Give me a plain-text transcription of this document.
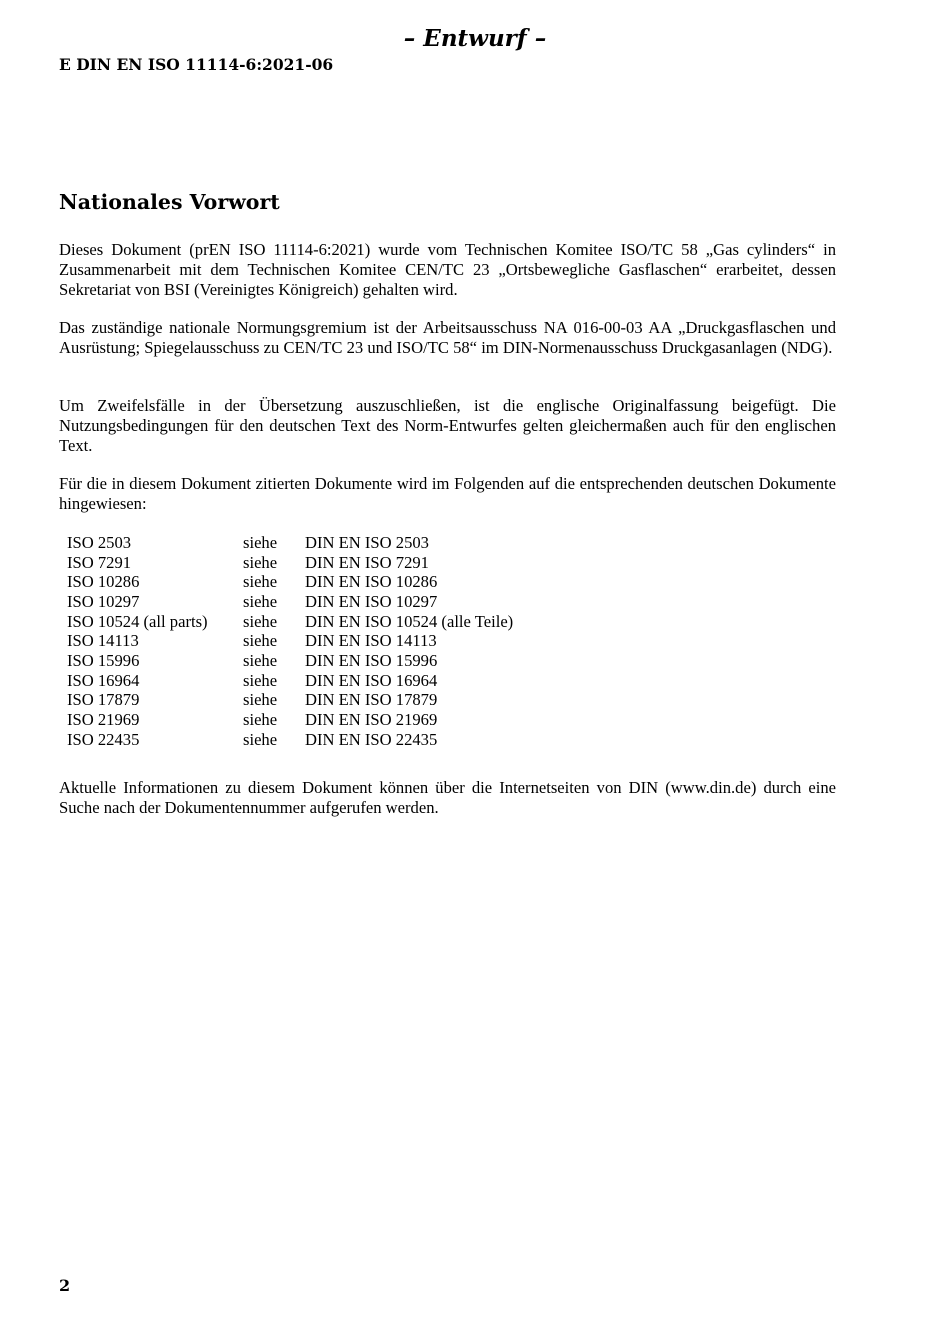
– Entwurf –
E DIN EN ISO 11114-6:2021-06
Nationales Vorwort

Dieses Dokument (prEN ISO 11114-6:2021) wurde vom Technischen Komitee ISO/TC 58 „Gas cylinders“ in Zusammenarbeit mit dem Technischen Komitee CEN/TC 23 „Ortsbewegliche Gasflaschen“ erarbeitet, dessen Sekretariat von BSI (Vereinigtes Königreich) gehalten wird.

Das zuständige nationale Normungsgremium ist der Arbeitsausschuss NA 016-00-03 AA „Druckgasflaschen und Ausrüstung; Spiegelausschuss zu CEN/TC 23 und ISO/TC 58“ im DIN-Normenausschuss Druckgasanlagen (NDG).

Um Zweifelsfälle in der Übersetzung auszuschließen, ist die englische Originalfassung beigefügt. Die Nutzungsbedingungen für den deutschen Text des Norm-Entwurfes gelten gleichermaßen auch für den englischen Text.

Für die in diesem Dokument zitierten Dokumente wird im Folgenden auf die entsprechenden deutschen Dokumente hingewiesen:

ISO 2503	siehe	DIN EN ISO 2503
ISO 7291	siehe	DIN EN ISO 7291
ISO 10286	siehe	DIN EN ISO 10286
ISO 10297	siehe	DIN EN ISO 10297
ISO 10524 (all parts)	siehe	DIN EN ISO 10524 (alle Teile)
ISO 14113	siehe	DIN EN ISO 14113
ISO 15996	siehe	DIN EN ISO 15996
ISO 16964	siehe	DIN EN ISO 16964
ISO 17879	siehe	DIN EN ISO 17879
ISO 21969	siehe	DIN EN ISO 21969
ISO 22435	siehe	DIN EN ISO 22435

Aktuelle Informationen zu diesem Dokument können über die Internetseiten von DIN (www.din.de) durch eine Suche nach der Dokumentennummer aufgerufen werden.

2
